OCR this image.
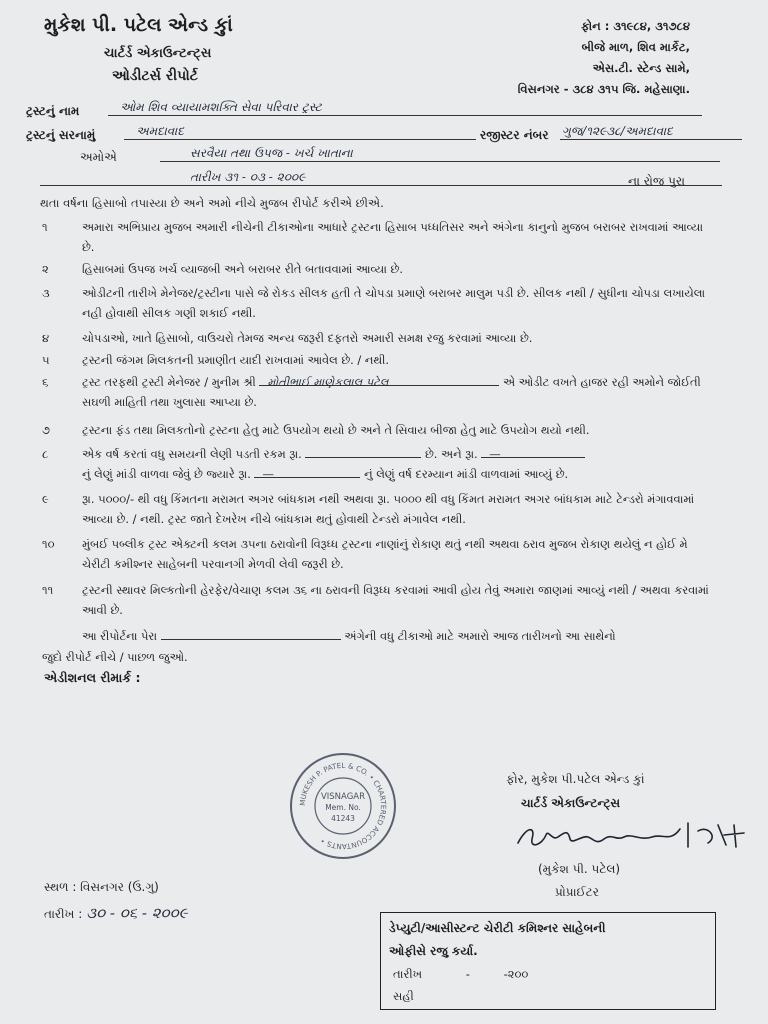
મુકેશ પી. પટેલ એન્ડ કાું
ચાર્ટર્ડ એકાઉન્ટન્ટ્સ
ઓડીટર્સ રીપોર્ટ
ફોન : ૩૧૯૮૪, ૩૧૭૮૪
બીજે માળ, શિવ માર્કેટ,
એસ.ટી. સ્ટેન્ડ સામે,
વિસનગર - ૩૮૪ ૩૧૫ જિ. મહેસાણા.
ટ્રસ્ટનું નામ	ઓમ શિવ વ્યાયામશક્તિ સેવા પરિવાર ટ્રસ્ટ
ટ્રસ્ટનું સરનામું	અમદાવાદ	રજીસ્ટર નંબર ગુજ/૧૨૯૩૮/અમદાવાદ
અમોએ	સરવૈયા તથા ઉપજ - ખર્ચ ખાતાના
તારીખ ૩૧ - ૦૩ - ૨૦૦૯	ના રોજ પુરા
થતા વર્ષના હિસાબો તપાસ્યા છે અને અમો નીચે મુજબ રીપોર્ટ કરીએ છીએ.
૧	અમારા અભિપ્રાય મુજબ અમારી નીચેની ટીકાઓના આધારે ટ્રસ્ટના હિસાબ પધ્ધતિસર અને અંગેના કાનુનો મુજબ બરાબર રાખવામાં આવ્યા છે.
૨	હિસાબમાં ઉપજ ખર્ચ વ્યાજબી અને બરાબર રીતે બતાવવામાં આવ્યા છે.
૩	ઓડીટની તારીખે મેનેજર/ટ્રસ્ટીના પાસે જે રોકડ સીલક હતી તે ચોપડા પ્રમાણે બરાબર માલુમ પડી છે. સીલક નથી / સુધીના ચોપડા લખાયેલા નહી હોવાથી સીલક ગણી શકાઈ નથી.
૪	ચોપડાઓ, ખાતે હિસાબો, વાઉચરો તેમજ અન્ય જરૂરી દફતરો અમારી સમક્ષ રજુ કરવામાં આવ્યા છે.
૫	ટ્રસ્ટની જંગમ મિલકતની પ્રમાણીત યાદી રાખવામાં આવેલ છે. / નથી.
૬	ટ્રસ્ટ તરફથી ટ્રસ્ટી મેનેજર / મુનીમ શ્રી મોતીભાઈ માણેકલાલ પટેલ	એ ઓડીટ વખતે હાજર રહી અમોને જોઈતી સઘળી માહિતી તથા ખુલાસા આપ્યા છે.
૭	ટ્રસ્ટના ફંડ તથા મિલકતોનો ટ્રસ્ટના હેતુ માટે ઉપયોગ થયો છે અને તે સિવાય બીજા હેતુ માટે ઉપયોગ થયો નથી.
૮	એક વર્ષ કરતાં વધુ સમયની લેણી પડતી રકમ રૂા.	છે. અને રૂા. —
નું લેણું માંડી વાળવા જેવું છે જ્યારે રૂા. —	નું લેણું વર્ષ દરમ્યાન માંડી વાળવામાં આવ્યું છે.
૯	રૂા. ૫૦૦૦/- થી વધુ કિંમતના મરામત અગર બાંધકામ નથી અથવા રૂા. ૫૦૦૦ થી વધુ કિંમત મરામત અગર બાંધકામ માટે ટેન્ડરો મંગાવવામાં આવ્યા છે. / નથી. ટ્રસ્ટ જાતે દેખરેખ નીચે બાંધકામ થતું હોવાથી ટેન્ડરો મંગાવેલ નથી.
૧૦	મુંબઈ પબ્લીક ટ્રસ્ટ એક્ટની કલમ ૩૫ના ઠરાવોની વિરૂધ્ધ ટ્રસ્ટના નાણાંનું રોકાણ થતું નથી અથવા ઠરાવ મુજબ રોકાણ થયેલું ન હોઈ મે ચેરીટી કમીશ્નર સાહેબની પરવાનગી મેળવી લેવી જરૂરી છે.
૧૧	ટ્રસ્ટની સ્થાવર મિલ્કતોની હેરફેર/વેચાણ કલમ ૩૬ ના ઠરાવની વિરૂધ્ધ કરવામાં આવી હોય તેવું અમારા જાણમાં આવ્યું નથી / અથવા કરવામાં આવી છે.
આ રીપોર્ટના પેરા	અંગેની વધુ ટીકાઓ માટે અમારો આજ તારીખનો આ સાથેનો
જુદો રીપોર્ટ નીચે / પાછળ જુઓ.
એડીશનલ રીમાર્ક :
MUKESH P. PATEL & CO. • CHARTERED ACCOUNTANTS •
VISNAGAR
Mem. No.
41243
ફોર, મુકેશ પી.પટેલ એન્ડ કાું
ચાર્ટર્ડ એકાઉન્ટન્ટ્સ
(મુકેશ પી. પટેલ)
પ્રોપ્રાઈટર
સ્થળ : વિસનગર (ઉ.ગુ)
તારીખ : ૩૦ - ૦૬ - ૨૦૦૯
ડેપ્યુટી/આસીસ્ટન્ટ ચેરીટી કમિશ્નર સાહેબની
ઓફીસે રજુ કર્યા.
તારીખ	-	-૨૦૦
સહી
